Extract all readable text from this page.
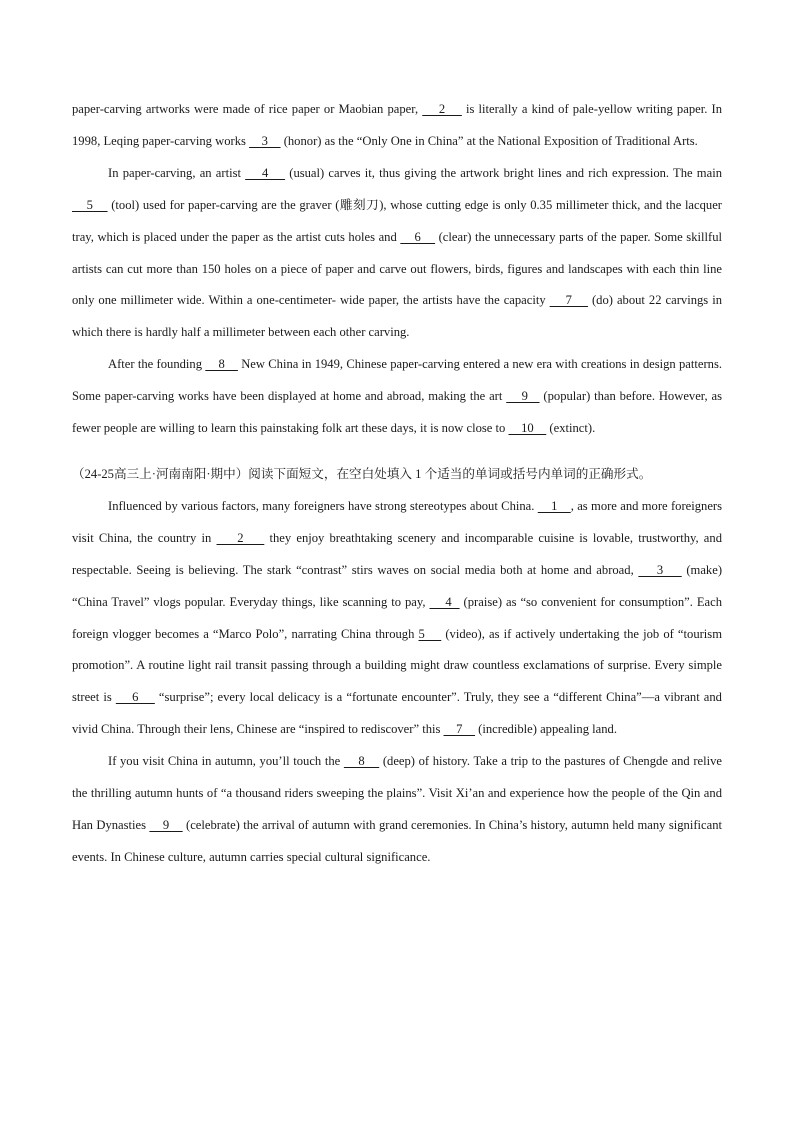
paper-carving artworks were made of rice paper or Maobian paper,     2     is literally a kind of pale-yellow writing paper. In 1998, Leqing paper-carving works     3     (honor) as the “Only One in China” at the National Exposition of Traditional Arts.

In paper-carving, an artist     4     (usual) carves it, thus giving the artwork bright lines and rich expression. The main     5     (tool) used for paper-carving are the graver (雕刻刀), whose cutting edge is only 0.35 millimeter thick, and the lacquer tray, which is placed under the paper as the artist cuts holes and     6     (clear) the unnecessary parts of the paper. Some skillful artists can cut more than 150 holes on a piece of paper and carve out flowers, birds, figures and landscapes with each thin line only one millimeter wide. Within a one-centimeter- wide paper, the artists have the capacity     7     (do) about 22 carvings in which there is hardly half a millimeter between each other carving.

After the founding     8     New China in 1949, Chinese paper-carving entered a new era with creations in design patterns. Some paper-carving works have been displayed at home and abroad, making the art     9    (popular) than before. However, as fewer people are willing to learn this painstaking folk art these days, it is now close to     10     (extinct).

（24-25高三上·河南南阳·期中）阅读下面短文，在空白处填入 1 个适当的单词或括号内单词的正确形式。

Influenced by various factors, many foreigners have strong stereotypes about China.     1    , as more and more foreigners visit China, the country in     2     they enjoy breathtaking scenery and incomparable cuisine is lovable, trustworthy, and respectable. Seeing is believing. The stark “contrast” stirs waves on social media both at home and abroad,     3     (make) “China Travel” vlogs popular. Everyday things, like scanning to pay,     4   (praise) as “so convenient for consumption”. Each foreign vlogger becomes a “Marco Polo”, narrating China through 5     (video), as if actively undertaking the job of “tourism promotion”. A routine light rail transit passing through a building might draw countless exclamations of surprise. Every simple street is     6     “surprise”; every local delicacy is a “fortunate encounter”. Truly, they see a “different China”—a vibrant and vivid China. Through their lens, Chinese are “inspired to rediscover” this     7     (incredible) appealing land.

If you visit China in autumn, you’ll touch the     8     (deep) of history. Take a trip to the pastures of Chengde and relive the thrilling autumn hunts of “a thousand riders sweeping the plains”. Visit Xi’an and experience how the people of the Qin and Han Dynasties     9     (celebrate) the arrival of autumn with grand ceremonies. In China’s history, autumn held many significant events. In Chinese culture, autumn carries special cultural significance.
